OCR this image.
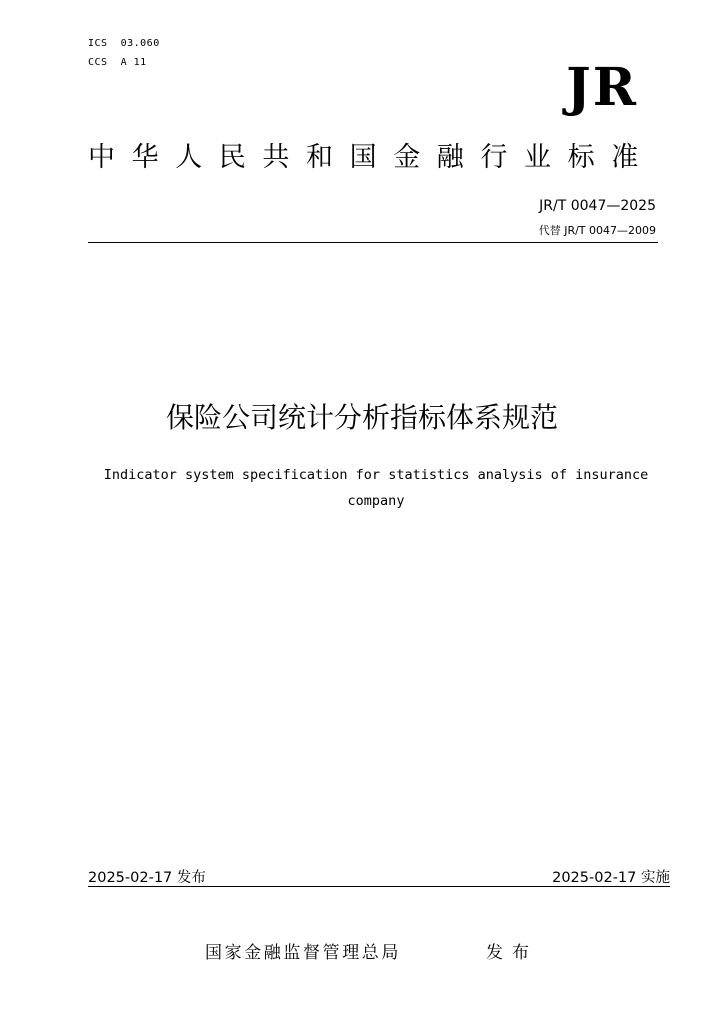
ICS  03.060
CCS  A 11	JR
中华人民共和国金融行业标准
JR/T 0047—2025
代替 JR/T 0047—2009
保险公司统计分析指标体系规范
Indicator system specification for statistics analysis of insurance company
2025-02-17 发布	2025-02-17 实施
国家金融监督管理总局	发布
